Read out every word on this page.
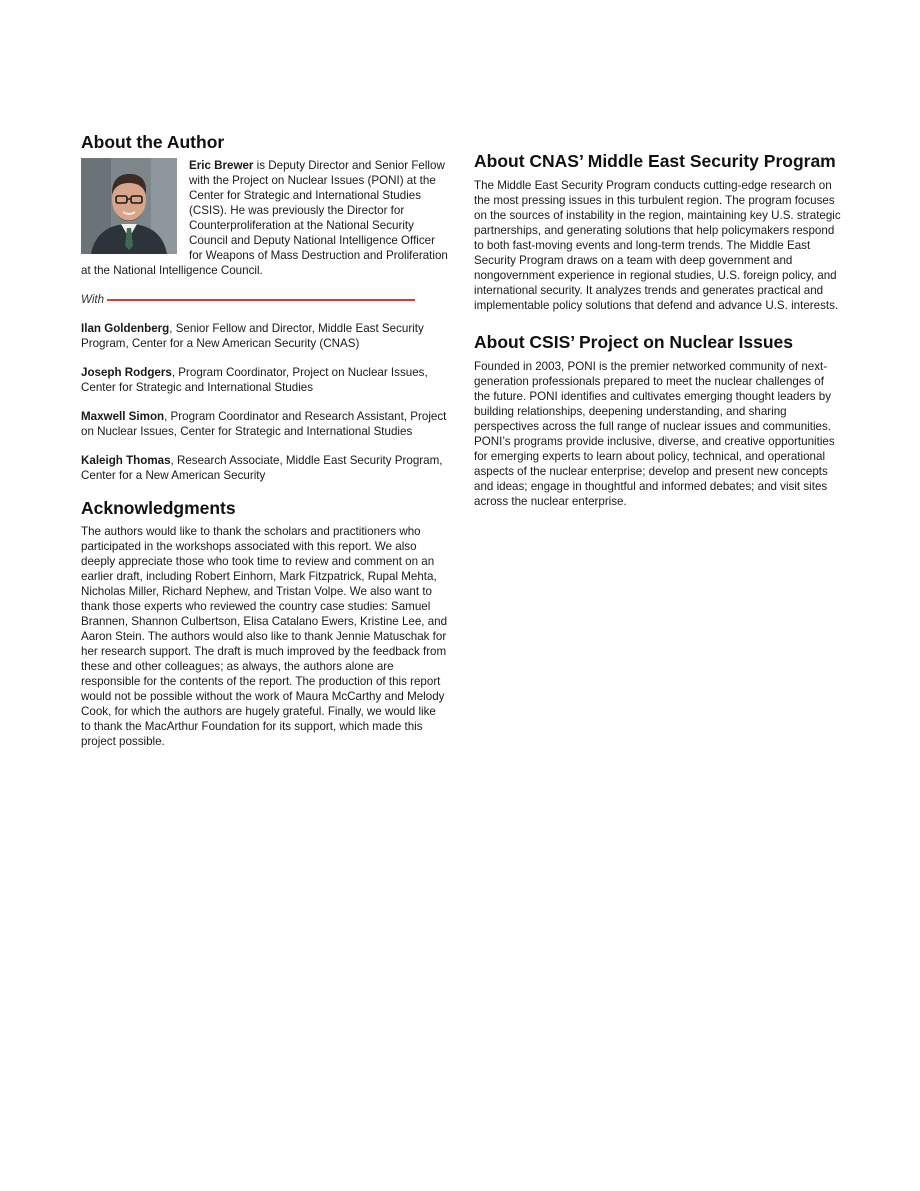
About the Author

Eric Brewer is Deputy Director and Senior Fellow with the Project on Nuclear Issues (PONI) at the Center for Strategic and International Studies (CSIS). He was previously the Director for Counterproliferation at the National Security Council and Deputy National Intelligence Officer for Weapons of Mass Destruction and Proliferation at the National Intelligence Council.

With

Ilan Goldenberg, Senior Fellow and Director, Middle East Security Program, Center for a New American Security (CNAS)

Joseph Rodgers, Program Coordinator, Project on Nuclear Issues, Center for Strategic and International Studies

Maxwell Simon, Program Coordinator and Research Assistant, Project on Nuclear Issues, Center for Strategic and International Studies

Kaleigh Thomas, Research Associate, Middle East Security Program, Center for a New American Security

Acknowledgments

The authors would like to thank the scholars and practitioners who participated in the workshops associated with this report. We also deeply appreciate those who took time to review and comment on an earlier draft, including Robert Einhorn, Mark Fitzpatrick, Rupal Mehta, Nicholas Miller, Richard Nephew, and Tristan Volpe. We also want to thank those experts who reviewed the country case studies: Samuel Brannen, Shannon Culbertson, Elisa Catalano Ewers, Kristine Lee, and Aaron Stein. The authors would also like to thank Jennie Matuschak for her research support. The draft is much improved by the feedback from these and other colleagues; as always, the authors alone are responsible for the contents of the report. The production of this report would not be possible without the work of Maura McCarthy and Melody Cook, for which the authors are hugely grateful. Finally, we would like to thank the MacArthur Foundation for its support, which made this project possible.

About CNAS’ Middle East Security Program

The Middle East Security Program conducts cutting-edge research on the most pressing issues in this turbulent region. The program focuses on the sources of instability in the region, maintaining key U.S. strategic partnerships, and generating solutions that help policymakers respond to both fast-moving events and long-term trends. The Middle East Security Program draws on a team with deep government and nongovernment experience in regional studies, U.S. foreign policy, and international security. It analyzes trends and generates practical and implementable policy solutions that defend and advance U.S. interests.

About CSIS’ Project on Nuclear Issues

Founded in 2003, PONI is the premier networked community of next-generation professionals prepared to meet the nuclear challenges of the future. PONI identifies and cultivates emerging thought leaders by building relationships, deepening understanding, and sharing perspectives across the full range of nuclear issues and communities. PONI’s programs provide inclusive, diverse, and creative opportunities for emerging experts to learn about policy, technical, and operational aspects of the nuclear enterprise; develop and present new concepts and ideas; engage in thoughtful and informed debates; and visit sites across the nuclear enterprise.
